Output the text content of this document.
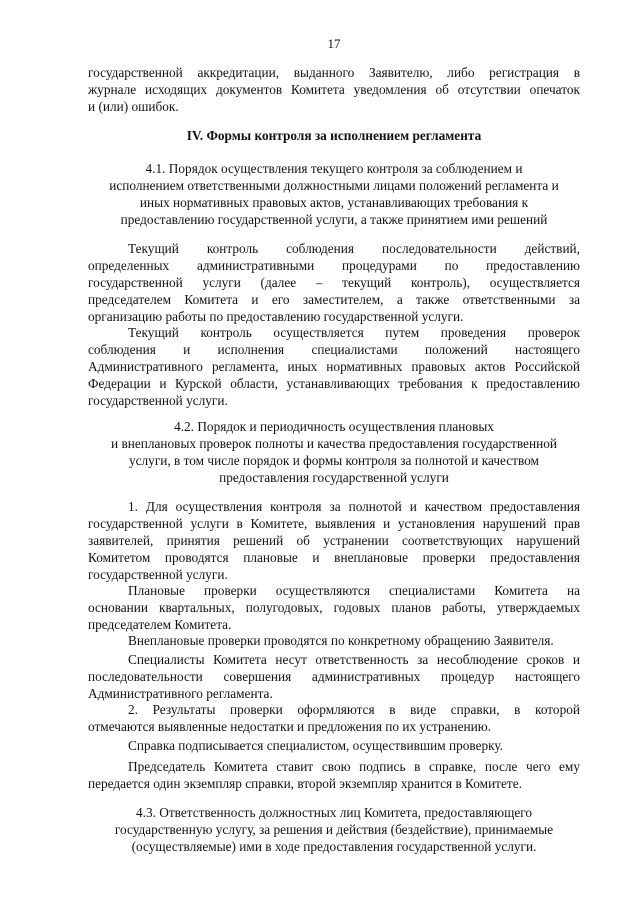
17
государственной аккредитации, выданного Заявителю, либо регистрация в
журнале исходящих документов Комитета уведомления об отсутствии опечаток
и (или) ошибок.
IV. Формы контроля за исполнением регламента
4.1. Порядок осуществления текущего контроля за соблюдением и
исполнением ответственными должностными лицами положений регламента и
иных нормативных правовых актов, устанавливающих требования к
предоставлению государственной услуги, а также принятием ими решений
Текущий контроль соблюдения последовательности действий,
определенных административными процедурами по предоставлению
государственной услуги (далее – текущий контроль), осуществляется
председателем Комитета и его заместителем, а также ответственными за
организацию работы по предоставлению государственной услуги.
Текущий контроль осуществляется путем проведения проверок
соблюдения и исполнения специалистами положений настоящего
Административного регламента, иных нормативных правовых актов Российской
Федерации и Курской области, устанавливающих требования к предоставлению
государственной услуги.
4.2. Порядок и периодичность осуществления плановых
и внеплановых проверок полноты и качества предоставления государственной
услуги, в том числе порядок и формы контроля за полнотой и качеством
предоставления государственной услуги
1. Для осуществления контроля за полнотой и качеством предоставления
государственной услуги в Комитете, выявления и установления нарушений прав
заявителей, принятия решений об устранении соответствующих нарушений
Комитетом проводятся плановые и внеплановые проверки предоставления
государственной услуги.
Плановые проверки осуществляются специалистами Комитета на
основании квартальных, полугодовых, годовых планов работы, утверждаемых
председателем Комитета.
Внеплановые проверки проводятся по конкретному обращению Заявителя.
Специалисты Комитета несут ответственность за несоблюдение сроков и
последовательности совершения административных процедур настоящего
Административного регламента.
2. Результаты проверки оформляются в виде справки, в которой
отмечаются выявленные недостатки и предложения по их устранению.
Справка подписывается специалистом, осуществившим проверку.
Председатель Комитета ставит свою подпись в справке, после чего ему
передается один экземпляр справки, второй экземпляр хранится в Комитете.
4.3. Ответственность должностных лиц Комитета, предоставляющего
государственную услугу, за решения и действия (бездействие), принимаемые
(осуществляемые) ими в ходе предоставления государственной услуги.
